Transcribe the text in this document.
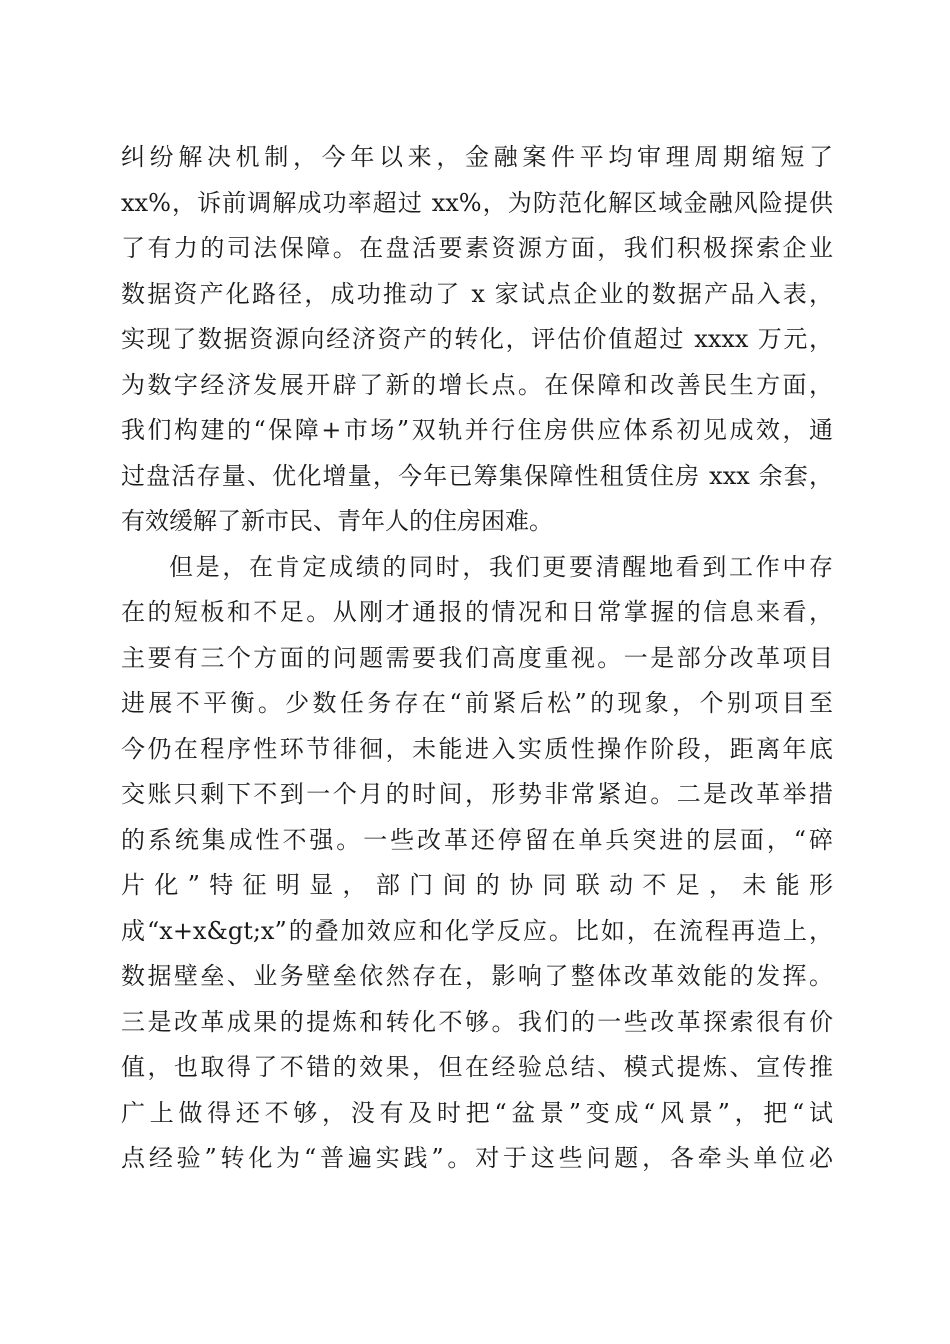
纠纷解决机制，今年以来，金融案件平均审理周期缩短了
xx%，诉前调解成功率超过 xx%，为防范化解区域金融风险提供
了有力的司法保障。在盘活要素资源方面，我们积极探索企业
数据资产化路径，成功推动了 x 家试点企业的数据产品入表，
实现了数据资源向经济资产的转化，评估价值超过 xxxx 万元，
为数字经济发展开辟了新的增长点。在保障和改善民生方面，
我们构建的“保障+市场”双轨并行住房供应体系初见成效，通
过盘活存量、优化增量，今年已筹集保障性租赁住房 xxx 余套，
有效缓解了新市民、青年人的住房困难。
但是，在肯定成绩的同时，我们更要清醒地看到工作中存
在的短板和不足。从刚才通报的情况和日常掌握的信息来看，
主要有三个方面的问题需要我们高度重视。一是部分改革项目
进展不平衡。少数任务存在“前紧后松”的现象，个别项目至
今仍在程序性环节徘徊，未能进入实质性操作阶段，距离年底
交账只剩下不到一个月的时间，形势非常紧迫。二是改革举措
的系统集成性不强。一些改革还停留在单兵突进的层面，“碎
片化”特征明显，部门间的协同联动不足，未能形
成“x+x&gt;x”的叠加效应和化学反应。比如，在流程再造上，
数据壁垒、业务壁垒依然存在，影响了整体改革效能的发挥。
三是改革成果的提炼和转化不够。我们的一些改革探索很有价
值，也取得了不错的效果，但在经验总结、模式提炼、宣传推
广上做得还不够，没有及时把“盆景”变成“风景”，把“试
点经验”转化为“普遍实践”。对于这些问题，各牵头单位必
